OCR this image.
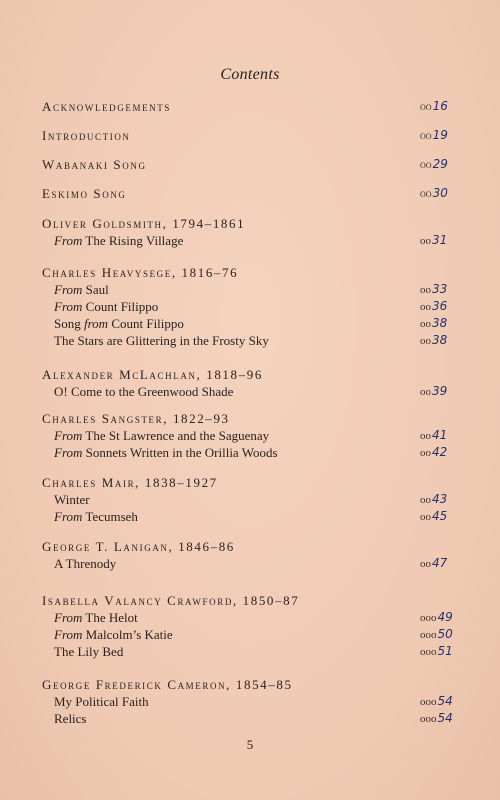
Contents
Acknowledgements	oo16
Introduction	oo19
Wabanaki Song	oo29
Eskimo Song	oo30
Oliver Goldsmith, 1794–1861
From The Rising Village	oo31
Charles Heavysege, 1816–76
From Saul	oo33
From Count Filippo	oo36
Song from Count Filippo	oo38
The Stars are Glittering in the Frosty Sky	oo38
Alexander McLachlan, 1818–96
O! Come to the Greenwood Shade	oo39
Charles Sangster, 1822–93
From The St Lawrence and the Saguenay	oo41
From Sonnets Written in the Orillia Woods	oo42
Charles Mair, 1838–1927
Winter	oo43
From Tecumseh	oo45
George T. Lanigan, 1846–86
A Threnody	oo47
Isabella Valancy Crawford, 1850–87
From The Helot	ooo49
From Malcolm’s Katie	ooo50
The Lily Bed	ooo51
George Frederick Cameron, 1854–85
My Political Faith	ooo54
Relics	ooo54
5
